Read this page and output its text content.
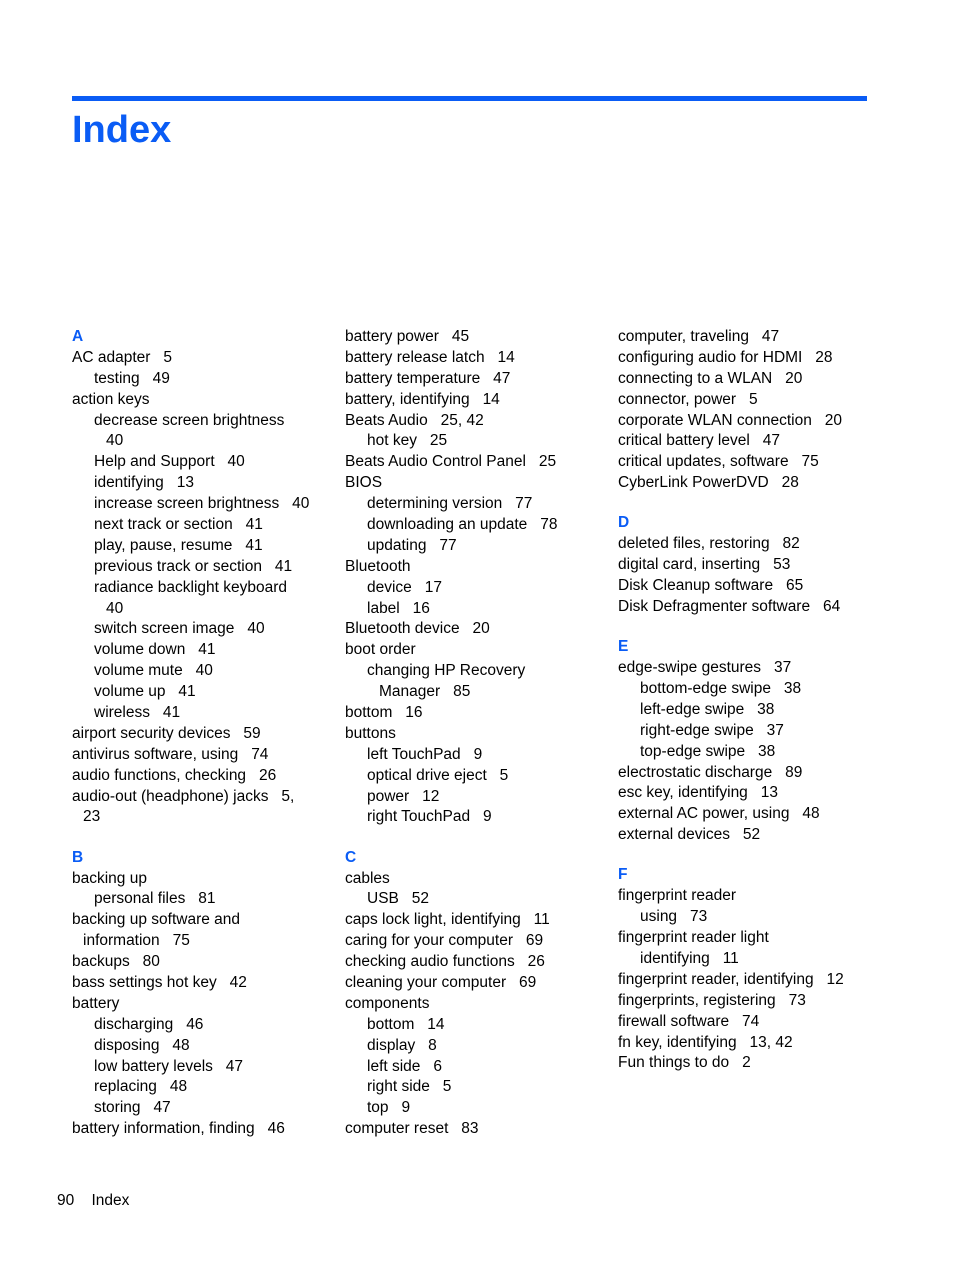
Index
A
AC adapter   5
testing   49
action keys
decrease screen brightness
40
Help and Support   40
identifying   13
increase screen brightness   40
next track or section   41
play, pause, resume   41
previous track or section   41
radiance backlight keyboard
40
switch screen image   40
volume down   41
volume mute   40
volume up   41
wireless   41
airport security devices   59
antivirus software, using   74
audio functions, checking   26
audio-out (headphone) jacks   5,
23
B
backing up
personal files   81
backing up software and
information   75
backups   80
bass settings hot key   42
battery
discharging   46
disposing   48
low battery levels   47
replacing   48
storing   47
battery information, finding   46
battery power   45
battery release latch   14
battery temperature   47
battery, identifying   14
Beats Audio   25, 42
hot key   25
Beats Audio Control Panel   25
BIOS
determining version   77
downloading an update   78
updating   77
Bluetooth
device   17
label   16
Bluetooth device   20
boot order
changing HP Recovery
Manager   85
bottom   16
buttons
left TouchPad   9
optical drive eject   5
power   12
right TouchPad   9
C
cables
USB   52
caps lock light, identifying   11
caring for your computer   69
checking audio functions   26
cleaning your computer   69
components
bottom   14
display   8
left side   6
right side   5
top   9
computer reset   83
computer, traveling   47
configuring audio for HDMI   28
connecting to a WLAN   20
connector, power   5
corporate WLAN connection   20
critical battery level   47
critical updates, software   75
CyberLink PowerDVD   28
D
deleted files, restoring   82
digital card, inserting   53
Disk Cleanup software   65
Disk Defragmenter software   64
E
edge-swipe gestures   37
bottom-edge swipe   38
left-edge swipe   38
right-edge swipe   37
top-edge swipe   38
electrostatic discharge   89
esc key, identifying   13
external AC power, using   48
external devices   52
F
fingerprint reader
using   73
fingerprint reader light
identifying   11
fingerprint reader, identifying   12
fingerprints, registering   73
firewall software   74
fn key, identifying   13, 42
Fun things to do   2
90 Index
